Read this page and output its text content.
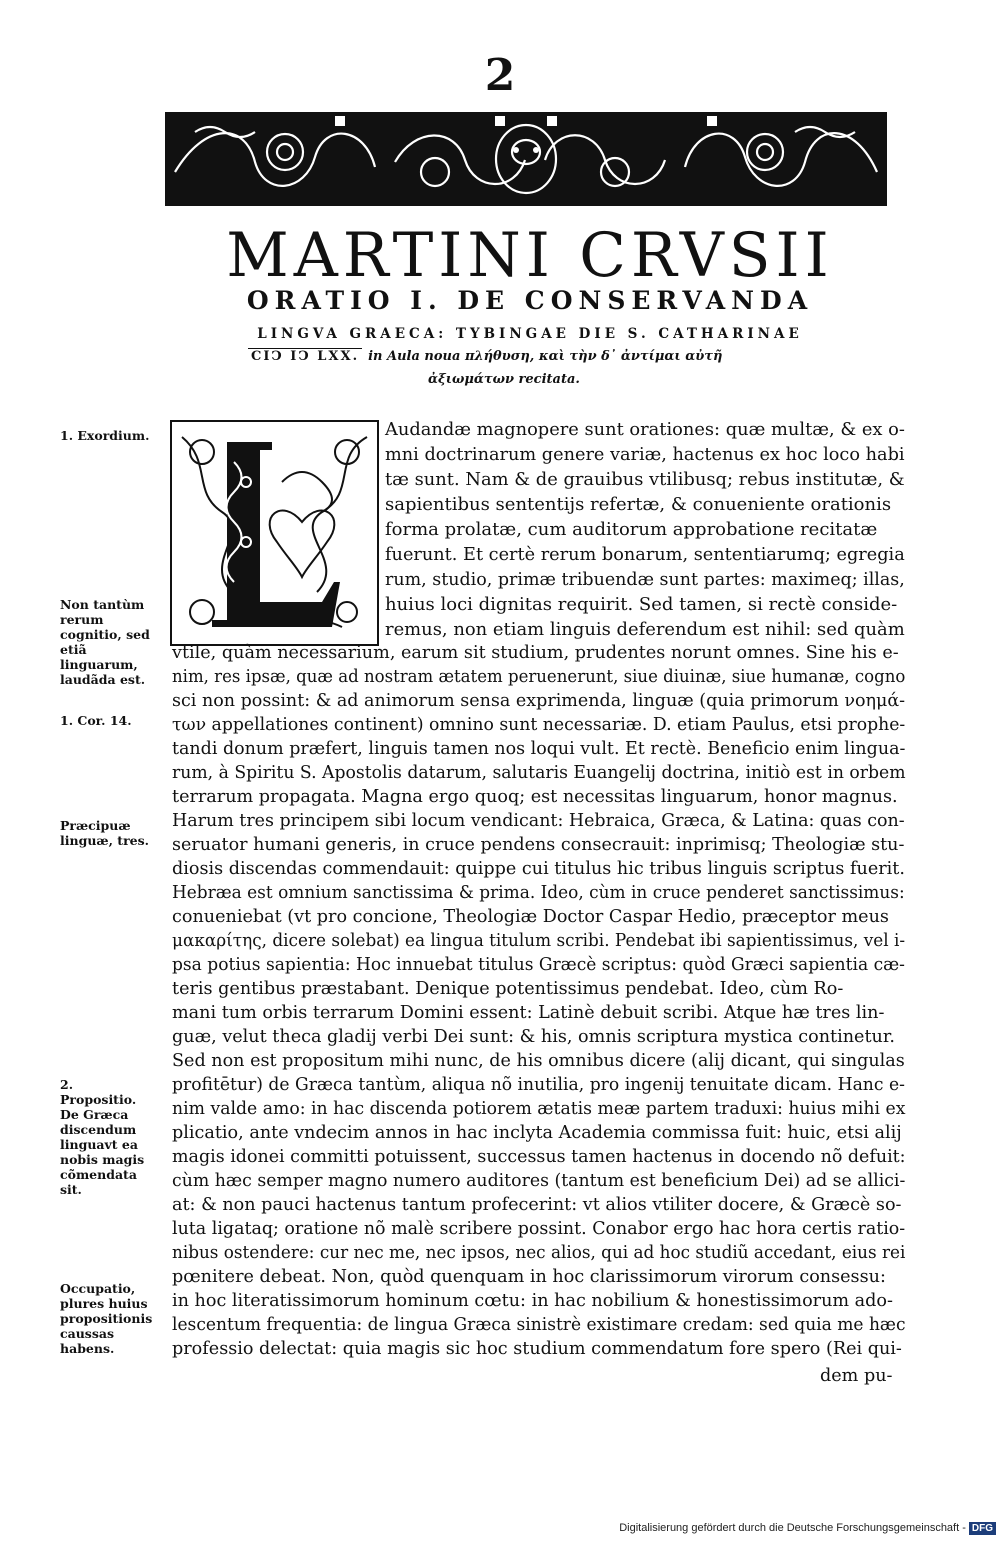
2
MARTINI CRVSII
ORATIO I. DE CONSERVANDA
LINGVA GRAECA: TYBINGAE DIE S. CATHARINAE
CIↃ IↃ LXX. in Aula noua πλήθυση, καὶ τὴν δ᾽ ἀντίμαι αὐτῆ
ἀξιωμάτων recitata.
1. Exordium.
Non tantùm rerum cognitio, sed etiã linguarum, laudãda est.
1. Cor. 14.
Præcipuæ linguæ, tres.
2. Propositio. De Græca discendum linguavt ea nobis magis cõmendata sit.
Occupatio, plures huius propositionis caussas habens.
Audandæ magnopere sunt orationes: quæ multæ, & ex o-
mni doctrinarum genere variæ, hactenus ex hoc loco habi
tæ sunt. Nam & de grauibus vtilibusq; rebus institutæ, &
sapientibus sententijs refertæ, & conueniente orationis
forma prolatæ, cum auditorum approbatione recitatæ
fuerunt. Et certè rerum bonarum, sententiarumq; egregia
rum, studio, primæ tribuendæ sunt partes: maximeq; illas,
huius loci dignitas requirit. Sed tamen, si rectè conside-
remus, non etiam linguis deferendum est nihil: sed quàm
vtile, quàm necessarium, earum sit studium, prudentes norunt omnes. Sine his e-
nim, res ipsæ, quæ ad nostram ætatem peruenerunt, siue diuinæ, siue humanæ, cogno
sci non possint: & ad animorum sensa exprimenda, linguæ (quia primorum νοημά-
των appellationes continent) omnino sunt necessariæ. D. etiam Paulus, etsi prophe-
tandi donum præfert, linguis tamen nos loqui vult. Et rectè. Beneficio enim lingua-
rum, à Spiritu S. Apostolis datarum, salutaris Euangelij doctrina, initiò est in orbem
terrarum propagata. Magna ergo quoq; est necessitas linguarum, honor magnus.
Harum tres principem sibi locum vendicant: Hebraica, Græca, & Latina: quas con-
seruator humani generis, in cruce pendens consecrauit: inprimisq; Theologiæ stu-
diosis discendas commendauit: quippe cui titulus hic tribus linguis scriptus fuerit.
Hebræa est omnium sanctissima & prima. Ideo, cùm in cruce penderet sanctissimus:
conueniebat (vt pro concione, Theologiæ Doctor Caspar Hedio, præceptor meus
μακαρίτης, dicere solebat) ea lingua titulum scribi. Pendebat ibi sapientissimus, vel i-
psa potius sapientia: Hoc innuebat titulus Græcè scriptus: quòd Græci sapientia cæ-
teris gentibus præstabant. Denique potentissimus pendebat. Ideo, cùm Ro-
mani tum orbis terrarum Domini essent: Latinè debuit scribi. Atque hæ tres lin-
guæ, velut theca gladij verbi Dei sunt: & his, omnis scriptura mystica continetur.
Sed non est propositum mihi nunc, de his omnibus dicere (alij dicant, qui singulas
profitētur) de Græca tantùm, aliqua nõ inutilia, pro ingenij tenuitate dicam. Hanc e-
nim valde amo: in hac discenda potiorem ætatis meæ partem traduxi: huius mihi ex
plicatio, ante vndecim annos in hac inclyta Academia commissa fuit: huic, etsi alij
magis idonei committi potuissent, successus tamen hactenus in docendo nõ defuit:
cùm hæc semper magno numero auditores (tantum est beneficium Dei) ad se allici-
at: & non pauci hactenus tantum profecerint: vt alios vtiliter docere, & Græcè so-
luta ligataq; oratione nõ malè scribere possint. Conabor ergo hac hora certis ratio-
nibus ostendere: cur nec me, nec ipsos, nec alios, qui ad hoc studiũ accedant, eius rei
pœnitere debeat. Non, quòd quenquam in hoc clarissimorum virorum consessu:
in hoc literatissimorum hominum cœtu: in hac nobilium & honestissimorum ado-
lescentum frequentia: de lingua Græca sinistrè existimare credam: sed quia me hæc
professio delectat: quia magis sic hoc studium commendatum fore spero (Rei qui-
dem pu-
Digitalisierung gefördert durch die Deutsche Forschungsgemeinschaft - DFG
